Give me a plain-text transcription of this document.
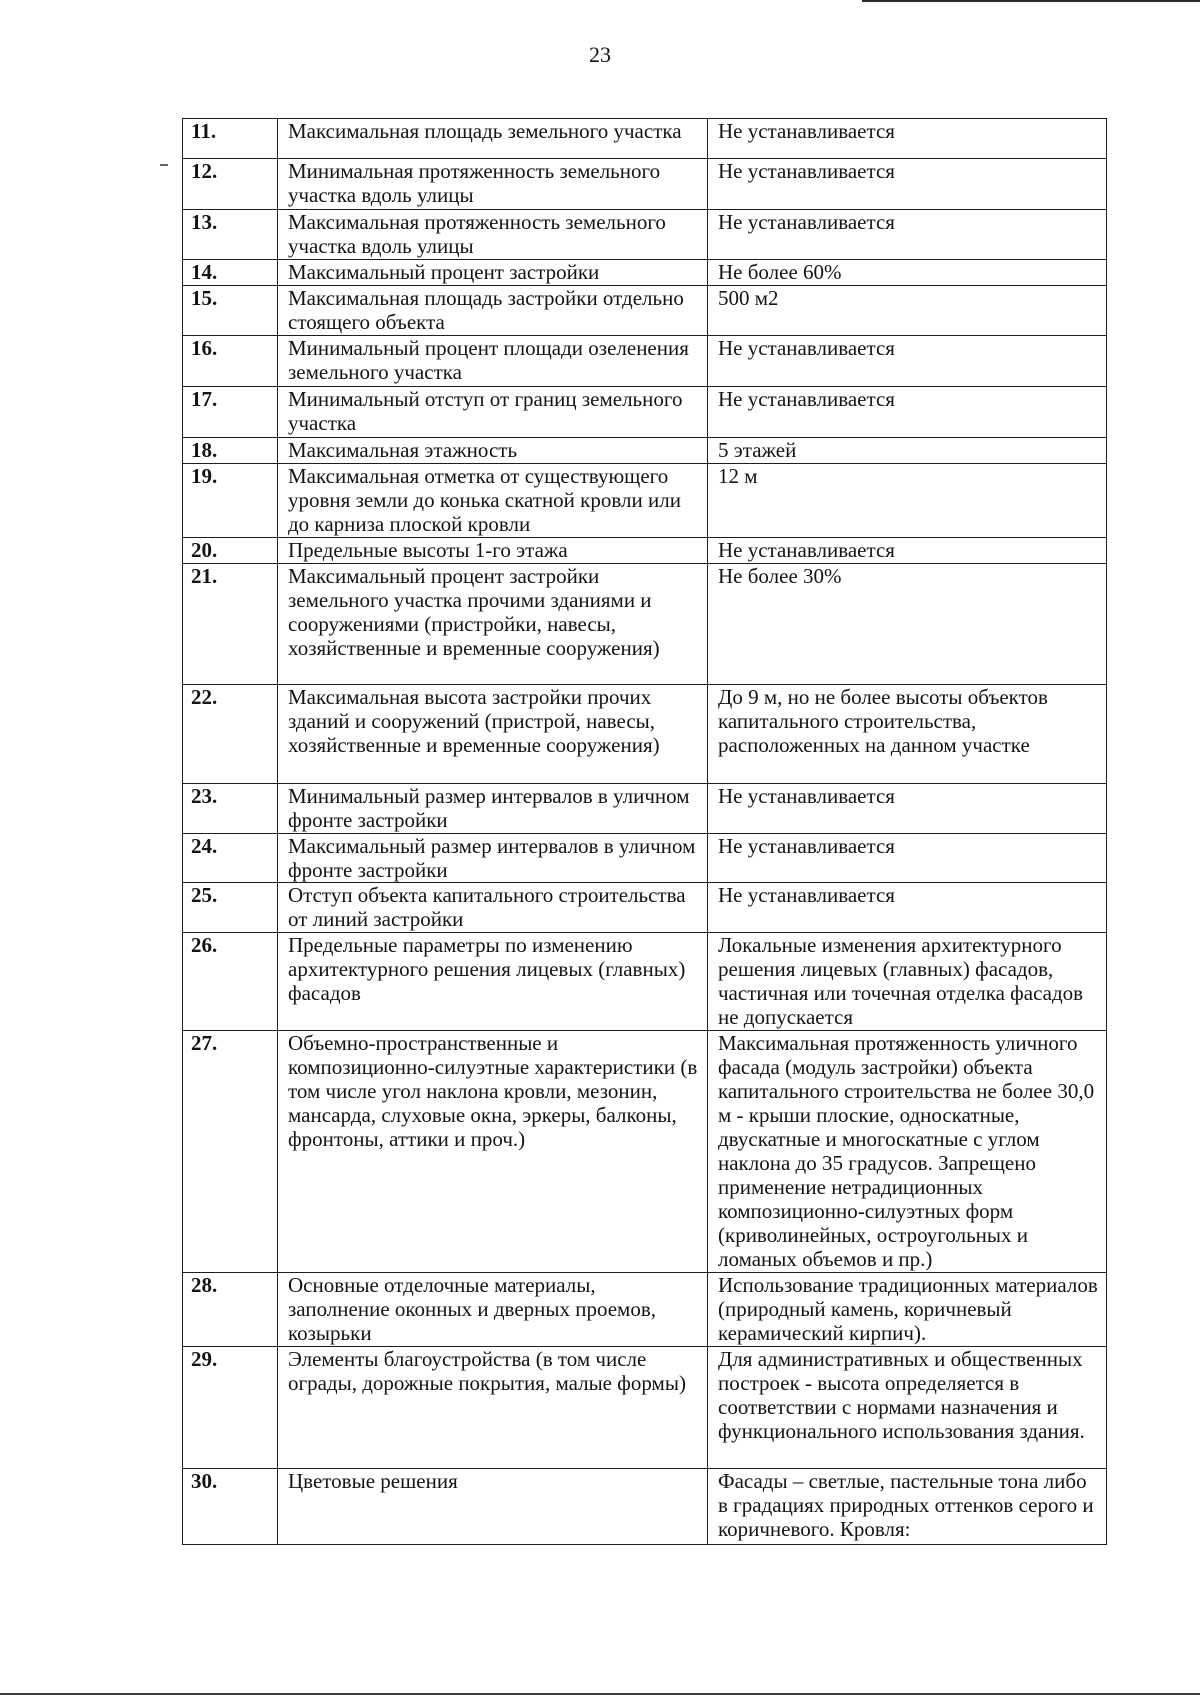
23
11.	Максимальная площадь земельного участка	Не устанавливается
12.	Минимальная протяженность земельного участка вдоль улицы	Не устанавливается
13.	Максимальная протяженность земельного участка вдоль улицы	Не устанавливается
14.	Максимальный процент застройки	Не более 60%
15.	Максимальная площадь застройки отдельно стоящего объекта	500 м2
16.	Минимальный процент площади озеленения земельного участка	Не устанавливается
17.	Минимальный отступ от границ земельного участка	Не устанавливается
18.	Максимальная этажность	5 этажей
19.	Максимальная отметка от существующего уровня земли до конька скатной кровли или до карниза плоской кровли	12 м
20.	Предельные высоты 1-го этажа	Не устанавливается
21.	Максимальный процент застройки земельного участка прочими зданиями и сооружениями (пристройки, навесы, хозяйственные и временные сооружения)	Не более 30%
22.	Максимальная высота застройки прочих зданий и сооружений (пристрой, навесы, хозяйственные и временные сооружения)	До 9 м, но не более высоты объектов капитального строительства, расположенных на данном участке
23.	Минимальный размер интервалов в уличном фронте застройки	Не устанавливается
24.	Максимальный размер интервалов в уличном фронте застройки	Не устанавливается
25.	Отступ объекта капитального строительства от линий застройки	Не устанавливается
26.	Предельные параметры по изменению архитектурного решения лицевых (главных) фасадов	Локальные изменения архитектурного решения лицевых (главных) фасадов, частичная или точечная отделка фасадов не допускается
27.	Объемно-пространственные и композиционно-силуэтные характеристики (в том числе угол наклона кровли, мезонин, мансарда, слуховые окна, эркеры, балконы, фронтоны, аттики и проч.)	Максимальная протяженность уличного фасада (модуль застройки) объекта капитального строительства не более 30,0 м - крыши плоские, односкатные, двускатные и многоскатные с углом наклона до 35 градусов. Запрещено применение нетрадиционных композиционно-силуэтных форм (криволинейных, остроугольных и ломаных объемов и пр.)
28.	Основные отделочные материалы, заполнение оконных и дверных проемов, козырьки	Использование традиционных материалов (природный камень, коричневый керамический кирпич).
29.	Элементы благоустройства (в том числе ограды, дорожные покрытия, малые формы)	Для административных и общественных построек - высота определяется в соответствии с нормами назначения и функционального использования здания.
30.	Цветовые решения	Фасады – светлые, пастельные тона либо в градациях природных оттенков серого и коричневого. Кровля:
